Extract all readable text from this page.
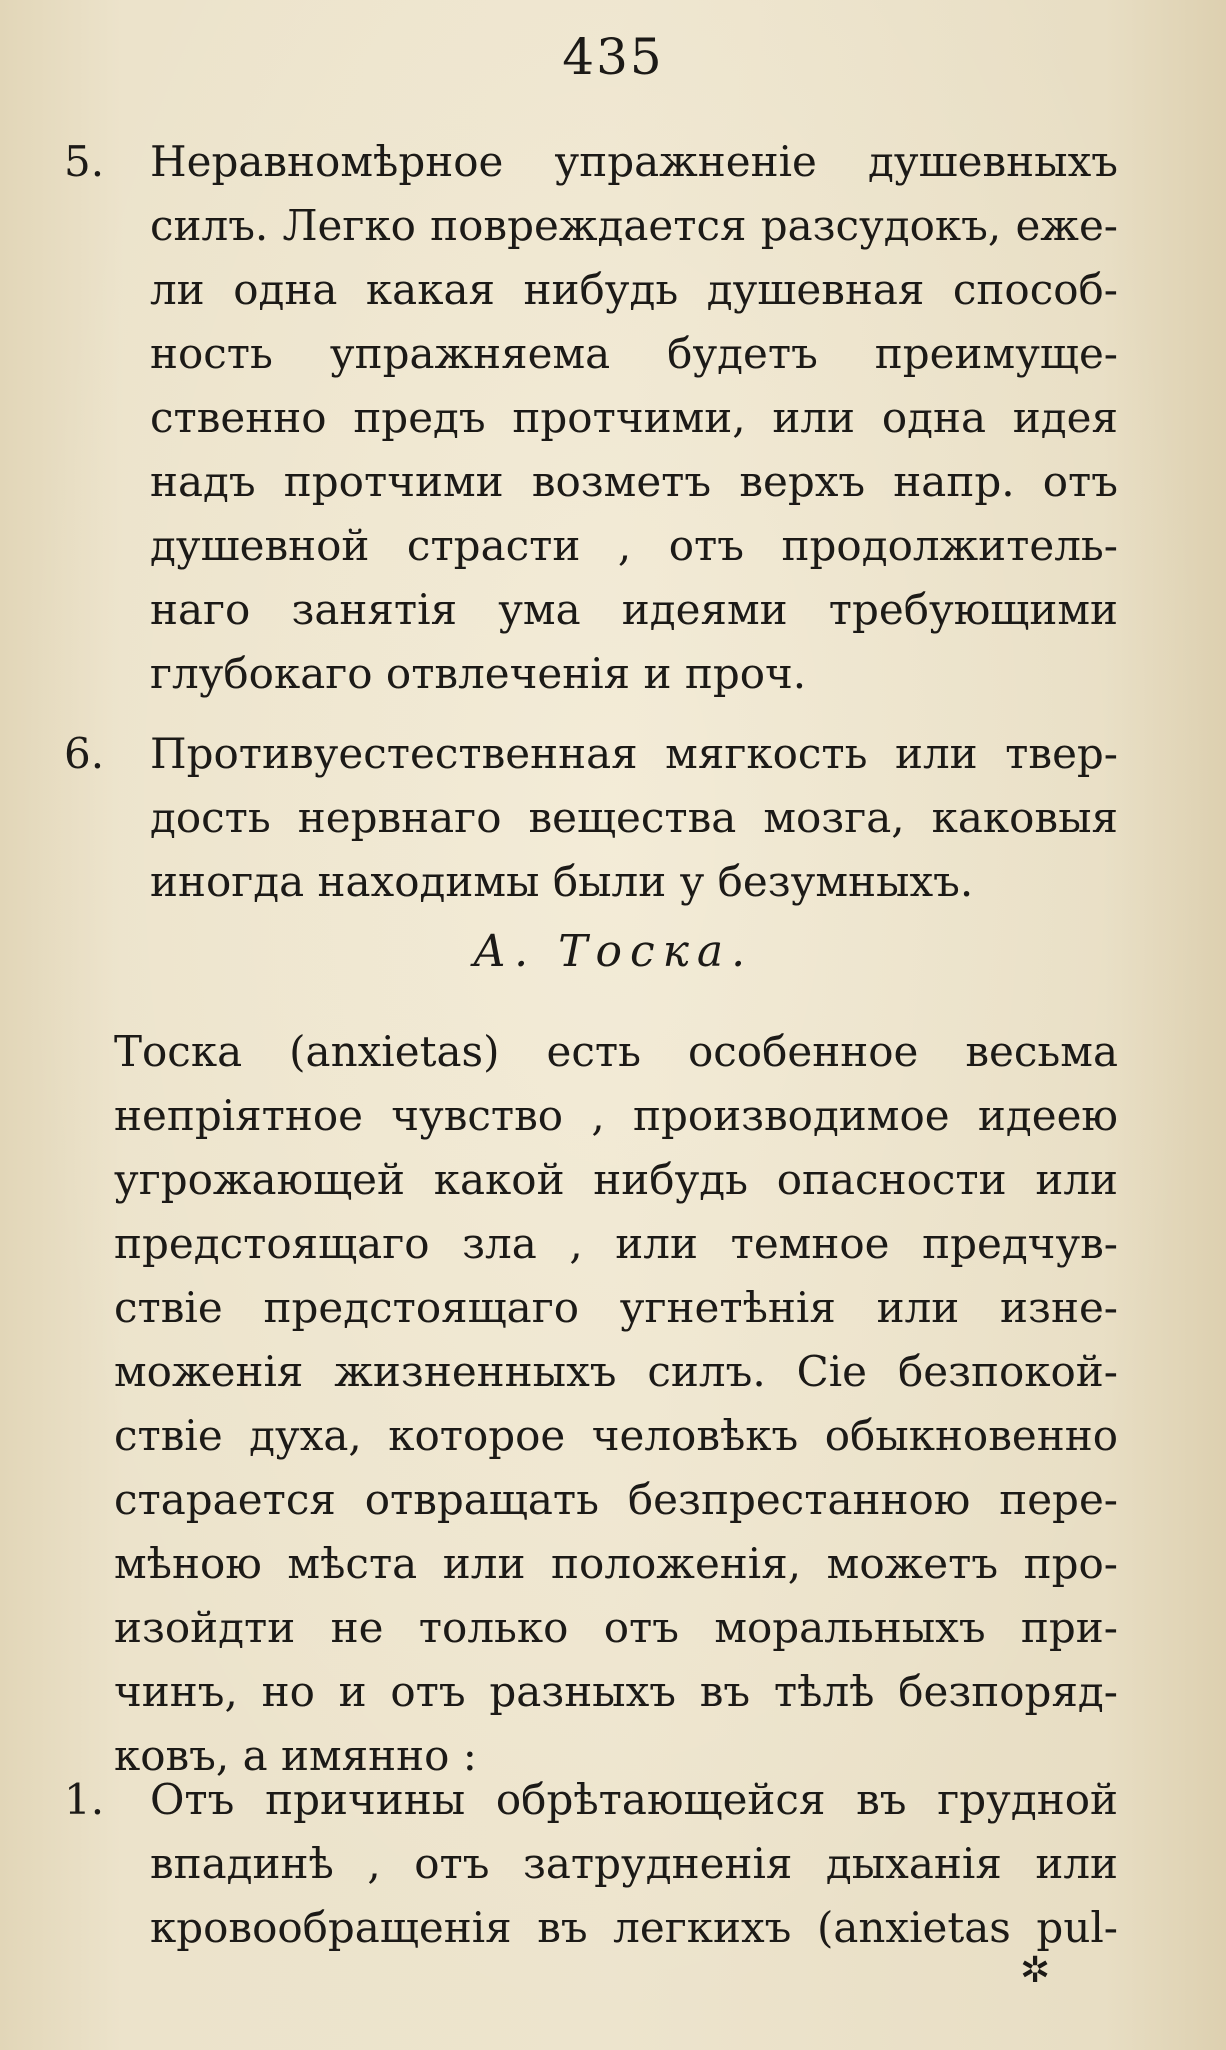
435
5. Неравномѣрное упражненіе душевныхъ
силъ. Легко повреждается разсудокъ, еже-
ли одна какая нибудь душевная способ-
ность упражняема будетъ преимуще-
ственно предъ протчими, или одна идея
надъ протчими возметъ верхъ напр. отъ
душевной страсти , отъ продолжитель-
наго занятія ума идеями требующими
глубокаго отвлеченія и проч.
6. Противуестественная мягкость или твер-
дость нервнаго вещества мозга, каковыя
иногда находимы были у безумныхъ.
А. Тоска.
Тоска (anxietas) есть особенное весьма
непріятное чувство , производимое идеею
угрожающей какой нибудь опасности или
предстоящаго зла , или темное предчув-
ствіе предстоящаго угнетѣнія или изне-
моженія жизненныхъ силъ. Сіе безпокой-
ствіе духа, которое человѣкъ обыкновенно
старается отвращать безпрестанною пере-
мѣною мѣста или положенія, можетъ про-
изойдти не только отъ моральныхъ при-
чинъ, но и отъ разныхъ въ тѣлѣ безпоряд-
ковъ, а имянно :
1. Отъ причины обрѣтающейся въ грудной
впадинѣ , отъ затрудненія дыханія или
кровообращенія въ легкихъ (anxietas pul-
✲
